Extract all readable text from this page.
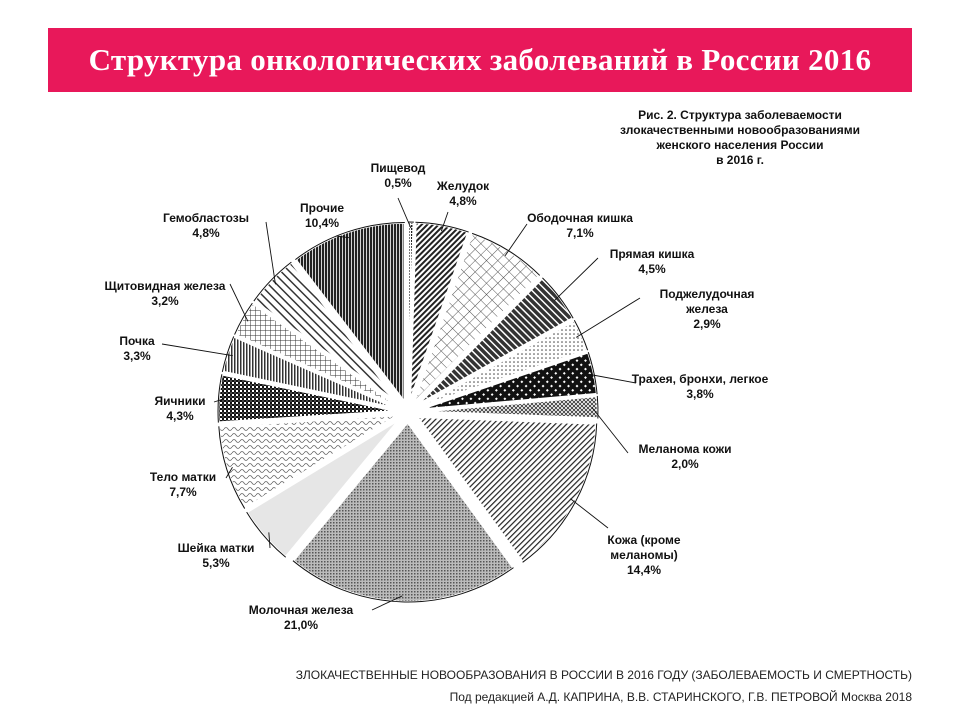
Структура онкологических заболеваний в России 2016
Рис. 2. Структура заболеваемости
злокачественными новообразованиями
женского населения России
в 2016 г.
Пищевод
0,5% Желудок
4,8%
Ободочная кишка
7,1%
Прямая кишка
4,5%
Поджелудочная
железа
2,9%
Трахея, бронхи, легкое
3,8%
Меланома кожи
2,0%
Кожа (кроме
меланомы)
14,4%
Молочная железа
21,0%
Шейка матки
5,3%
Тело матки
7,7%
Яичники
4,3%
Почка
3,3%
Щитовидная железа
3,2%
Гемобластозы
4,8%
Прочие
10,4%
ЗЛОКАЧЕСТВЕННЫЕ НОВООБРАЗОВАНИЯ В РОССИИ В 2016 ГОДУ (ЗАБОЛЕВАЕМОСТЬ И СМЕРТНОСТЬ)
Под редакцией А.Д. КАПРИНА, В.В. СТАРИНСКОГО, Г.В. ПЕТРОВОЙ Москва 2018
